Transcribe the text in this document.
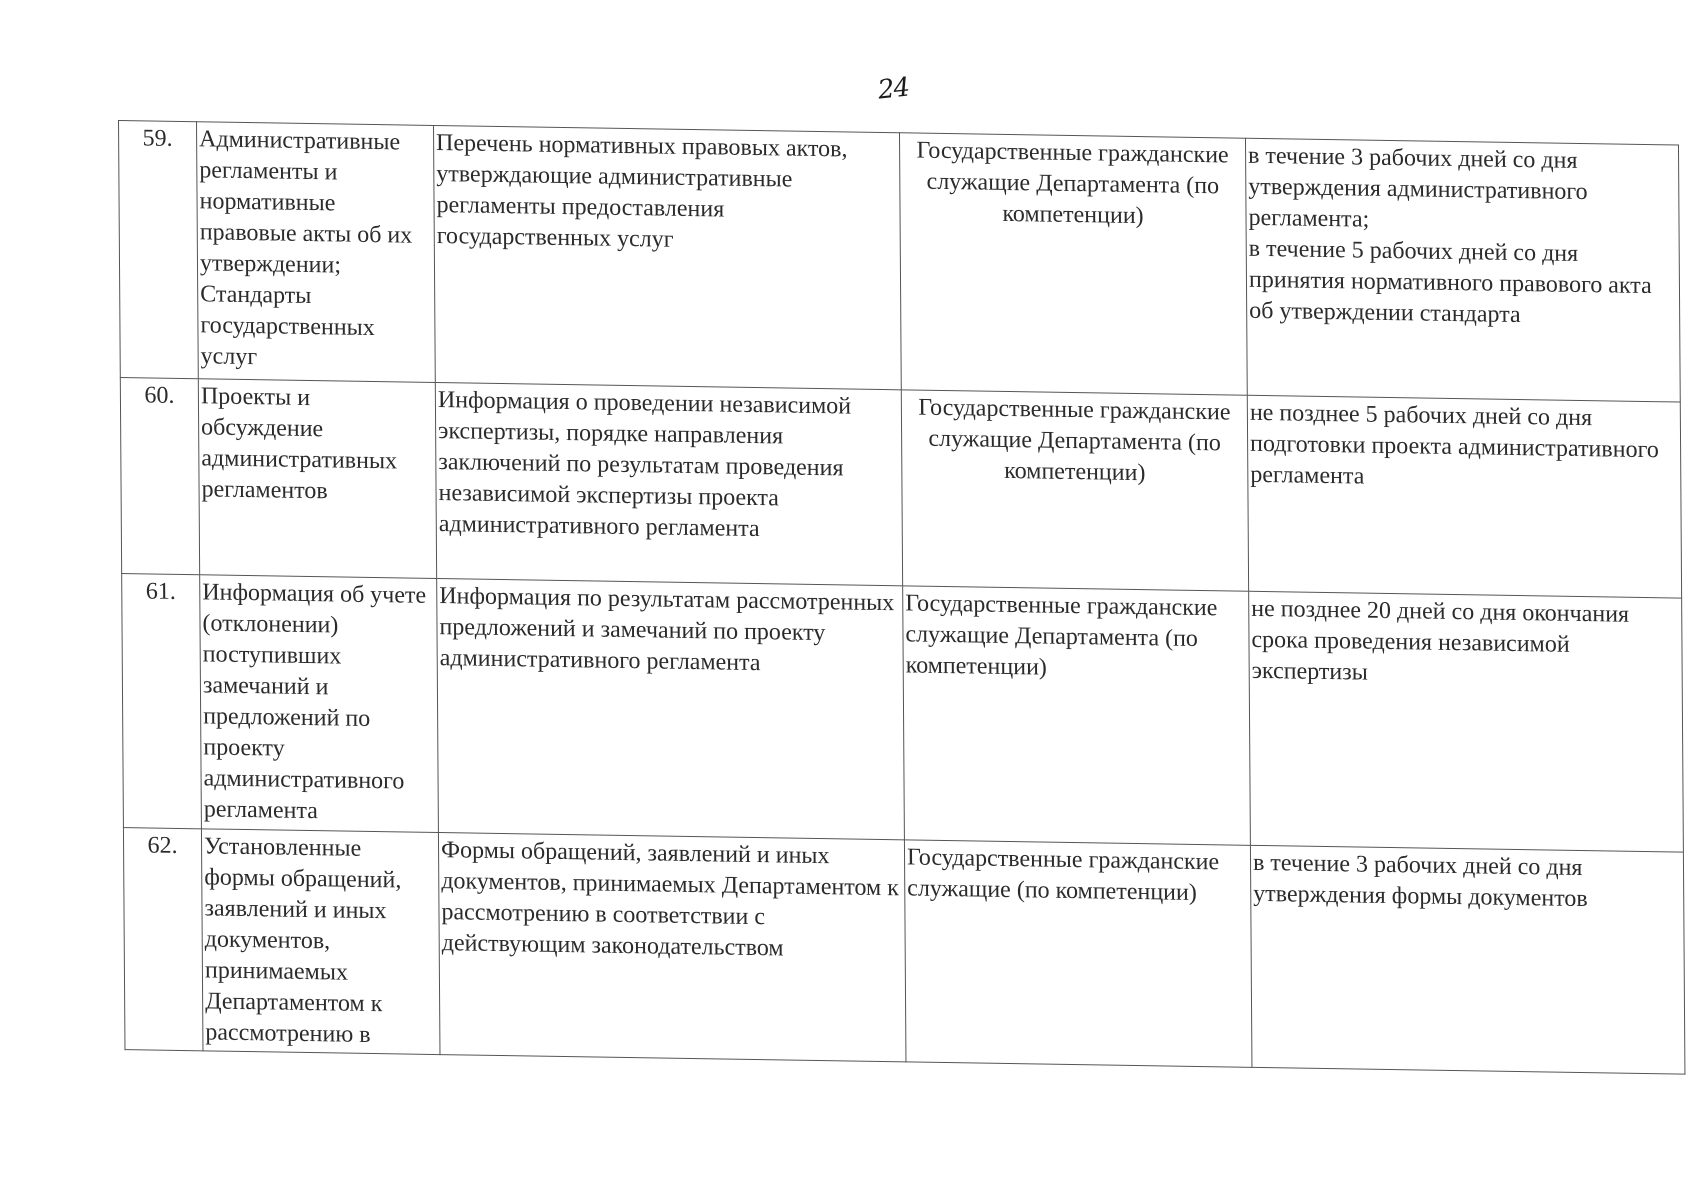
24
59.	Административные регламенты и нормативные правовые акты об их утверждении; Стандарты государственных услуг	Перечень нормативных правовых актов, утверждающие административные регламенты предоставления государственных услуг	Государственные гражданские служащие Департамента (по компетенции)	в течение 3 рабочих дней со дня утверждения административного регламента;
в течение 5 рабочих дней со дня принятия нормативного правового акта об утверждении стандарта

60.	Проекты и обсуждение административных регламентов	Информация о проведении независимой экспертизы, порядке направления заключений по результатам проведения независимой экспертизы проекта административного регламента	Государственные гражданские служащие Департамента (по компетенции)	не позднее 5 рабочих дней со дня подготовки проекта административного регламента

61.	Информация об учете (отклонении) поступивших замечаний и предложений по проекту административного регламента	Информация по результатам рассмотренных предложений и замечаний по проекту административного регламента	Государственные гражданские служащие Департамента (по компетенции)	не позднее 20 дней со дня окончания срока проведения независимой экспертизы

62.	Установленные формы обращений, заявлений и иных документов, принимаемых Департаментом к рассмотрению в	Формы обращений, заявлений и иных документов, принимаемых Департаментом к рассмотрению в соответствии с действующим законодательством	Государственные гражданские служащие (по компетенции)	в течение 3 рабочих дней со дня утверждения формы документов
